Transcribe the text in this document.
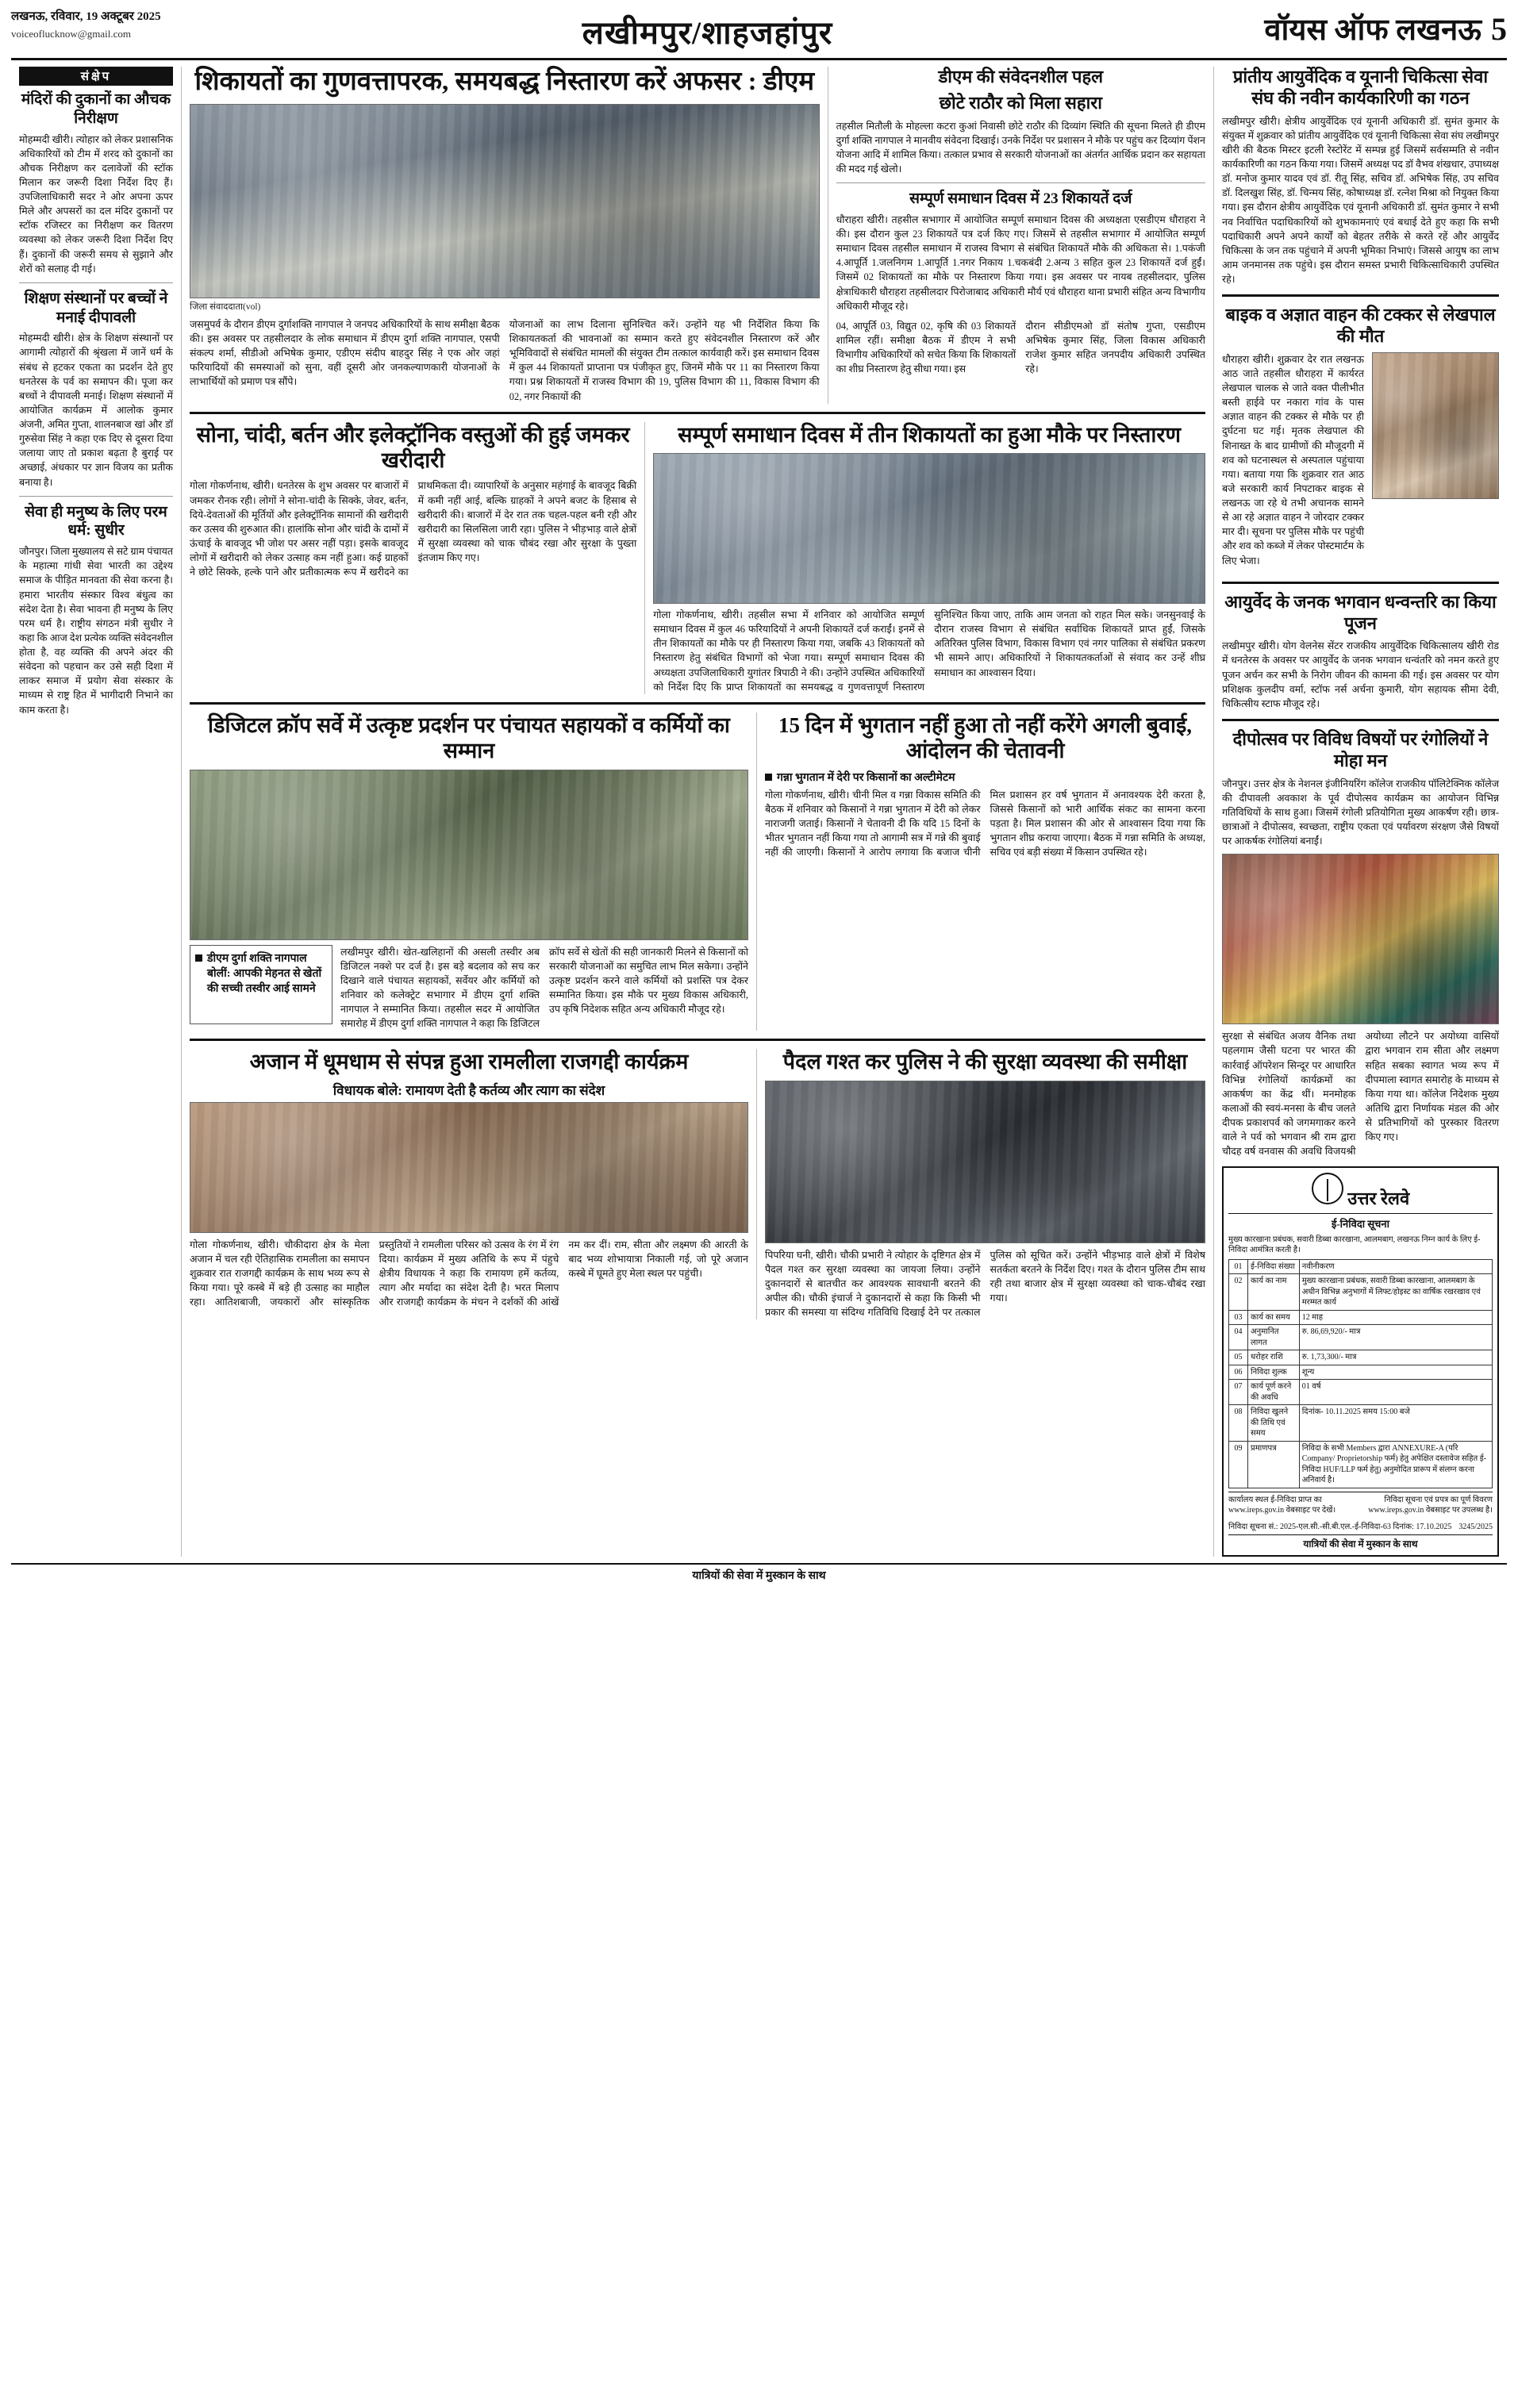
लखनऊ, रविवार, 19 अक्टूबर 2025
voiceoflucknow@gmail.com	लखीमपुर/शाहजहांपुर	वॉयस ऑफ लखनऊ 5
संक्षेप
मंदिरों की दुकानों का औचक निरीक्षण

मोहम्मदी खीरी। त्योहार को लेकर प्रशासनिक अधिकारियों को टीम में शरद को दुकानों का औचक निरीक्षण कर दलावेजों की स्टॉक मिलान कर जरूरी दिशा निर्देश दिए हैं। उपजिलाधिकारी सदर ने ओर अपना ऊपर मिले और अपसरों का दल मंदिर दुकानों पर स्टॉक रजिस्टर का निरीक्षण कर वितरण व्यवस्था को लेकर जरूरी दिशा निर्देश दिए हैं। दुकानों की जरूरी समय से सुझाने और शेरों को सलाह दी गई।

शिक्षण संस्थानों पर बच्चों ने मनाई दीपावली

मोहम्मदी खीरी। क्षेत्र के शिक्षण संस्थानों पर आगामी त्योहारों की श्रृंखला में जानें धर्म के संबंध से हटकर एकता का प्रदर्शन देते हुए धनतेरस के पर्व का समापन की। पूजा कर बच्चों ने दीपावली मनाई। शिक्षण संस्थानों में आयोजित कार्यक्रम में आलोक कुमार अंजनी, अमित गुप्ता, शालनबाज खां और डॉ गुरुसेवा सिंह ने कहा एक दिए से दूसरा दिया जलाया जाए तो प्रकाश बढ़ता है बुराई पर अच्छाई, अंधकार पर ज्ञान विजय का प्रतीक बनाया है।

सेवा ही मनुष्य के लिए परम धर्म: सुधीर

जौनपुर। जिला मुख्यालय से सटे ग्राम पंचायत के महात्मा गांधी सेवा भारती का उद्देश्य समाज के पीड़ित मानवता की सेवा करना है। हमारा भारतीय संस्कार विश्व बंधुत्व का संदेश देता है। सेवा भावना ही मनुष्य के लिए परम धर्म है। राष्ट्रीय संगठन मंत्री सुधीर ने कहा कि आज देश प्रत्येक व्यक्ति संवेदनशील होता है, वह व्यक्ति की अपने अंदर की संवेदना को पहचान कर उसे सही दिशा में लाकर समाज में प्रयोग सेवा संस्कार के माध्यम से राष्ट्र हित में भागीदारी निभाने का काम करता है।

शिकायतों का गुणवत्तापरक, समयबद्ध निस्तारण करें अफसर : डीएम
जिला संवाददाता(vol)

जसमुपर्व के दौरान डीएम दुर्गाशक्ति नागपाल ने जनपद अधिकारियों के साथ समीक्षा बैठक की। इस अवसर पर तहसीलदार के लोक समाधान में डीएम दुर्गा शक्ति नागपाल, एसपी संकल्प शर्मा, सीडीओ अभिषेक कुमार, एडीएम संदीप बाहदुर सिंह ने एक ओर जहां फरियादियों की समस्याओं को सुना, वहीं दूसरी ओर जनकल्याणकारी योजनाओं के लाभार्थियों को प्रमाण पत्र सौंपे।

योजनाओं का लाभ दिलाना सुनिश्चित करें। उन्होंने यह भी निर्देशित किया कि शिकायतकर्ता की भावनाओं का सम्मान करते हुए संवेदनशील निस्तारण करें और भूमिविवादों से संबंधित मामलों की संयुक्त टीम तत्काल कार्यवाही करें। इस समाधान दिवस में कुल 44 शिकायतों प्राप्ताना पत्र पंजीकृत हुए, जिनमें मौके पर 11 का निस्तारण किया गया। प्रश्न शिकायतों में राजस्व विभाग की 19, पुलिस विभाग की 11, विकास विभाग की 02, नगर निकायों की

डीएम की संवेदनशील पहल
छोटे राठौर को मिला सहारा

तहसील मितौली के मोहल्ला कटरा कुआं निवासी छोटे राठौर की दिव्यांग स्थिति की सूचना मिलते ही डीएम दुर्गा शक्ति नागपाल ने मानवीय संवेदना दिखाई। उनके निर्देश पर प्रशासन ने मौके पर पहुंच कर दिव्यांग पेंशन योजना आदि में शामिल किया। तत्काल प्रभाव से सरकारी योजनाओं का अंतर्गत आर्थिक प्रदान कर सहायता की मदद गई खेलो।

सम्पूर्ण समाधान दिवस में 23 शिकायतें दर्ज

धौराहरा खीरी। तहसील सभागार में आयोजित सम्पूर्ण समाधान दिवस की अध्यक्षता एसडीएम धौराहरा ने की। इस दौरान कुल 23 शिकायतें पत्र दर्ज किए गए। जिसमें से तहसील सभागार में आयोजित सम्पूर्ण समाधान दिवस तहसील समाधान में राजस्व विभाग से संबंधित शिकायतें मौके की अधिकता से। 1.पकंजी 4.आपूर्ति 1.जलनिगम 1.आपूर्ति 1.नगर निकाय 1.चकबंदी 2.अन्य 3 सहित कुल 23 शिकायतें दर्ज हुईं। जिसमें 02 शिकायतों का मौके पर निस्तारण किया गया। इस अवसर पर नायब तहसीलदार, पुलिस क्षेत्राधिकारी धौराहरा तहसीलदार पिरोजाबाद अधिकारी मौर्य एवं धौराहरा थाना प्रभारी संहित अन्य विभागीय अधिकारी मौजूद रहे।

04, आपूर्ति 03, विद्युत 02, कृषि की 03 शिकायतें शामिल रहीं। समीक्षा बैठक में डीएम ने सभी विभागीय अधिकारियों को सचेत किया कि शिकायतों का शीघ्र निस्तारण हेतु सीधा गया। इस

दौरान सीडीएमओ डॉ संतोष गुप्ता, एसडीएम अभिषेक कुमार सिंह, जिला विकास अधिकारी राजेश कुमार सहित जनपदीय अधिकारी उपस्थित रहे।

सोना, चांदी, बर्तन और इलेक्ट्रॉनिक वस्तुओं की हुई जमकर खरीदारी

गोला गोकर्णनाथ, खीरी। धनतेरस के शुभ अवसर पर बाजारों में जमकर रौनक रही। लोगों ने सोना-चांदी के सिक्के, जेवर, बर्तन, दिये-देवताओं की मूर्तियों और इलेक्ट्रॉनिक सामानों की खरीदारी कर उत्सव की शुरुआत की। हालांकि सोना और चांदी के दामों में ऊंचाई के बावजूद भी जोश पर असर नहीं पड़ा। इसके बावजूद लोगों में खरीदारी को लेकर उत्साह कम नहीं हुआ। कई ग्राहकों ने छोटे सिक्के, हल्के पाने और प्रतीकात्मक रूप में खरीदने का प्राथमिकता दी। व्यापारियों के अनुसार महंगाई के बावजूद बिक्री में कमी नहीं आई, बल्कि ग्राहकों ने अपने बजट के हिसाब से खरीदारी की। बाजारों में देर रात तक चहल-पहल बनी रही और खरीदारी का सिलसिला जारी रहा। पुलिस ने भीड़भाड़ वाले क्षेत्रों में सुरक्षा व्यवस्था को चाक चौबंद रखा और सुरक्षा के पुख्ता इंतजाम किए गए।

सम्पूर्ण समाधान दिवस में तीन शिकायतों का हुआ मौके पर निस्तारण

गोला गोकर्णनाथ, खीरी। तहसील सभा में शनिवार को आयोजित सम्पूर्ण समाधान दिवस में कुल 46 फरियादियों ने अपनी शिकायतें दर्ज कराईं। इनमें से तीन शिकायतों का मौके पर ही निस्तारण किया गया, जबकि 43 शिकायतों को निस्तारण हेतु संबंधित विभागों को भेजा गया। सम्पूर्ण समाधान दिवस की अध्यक्षता उपजिलाधिकारी युगांतर त्रिपाठी ने की। उन्होंने उपस्थित अधिकारियों को निर्देश दिए कि प्राप्त शिकायतों का समयबद्ध व गुणवत्तापूर्ण निस्तारण सुनिश्चित किया जाए, ताकि आम जनता को राहत मिल सके। जनसुनवाई के दौरान राजस्व विभाग से संबंधित सर्वाधिक शिकायतें प्राप्त हुईं, जिसके अतिरिक्त पुलिस विभाग, विकास विभाग एवं नगर पालिका से संबंधित प्रकरण भी सामने आए। अधिकारियों ने शिकायतकर्ताओं से संवाद कर उन्हें शीघ्र समाधान का आश्वासन दिया।

डिजिटल क्रॉप सर्वे में उत्कृष्ट प्रदर्शन पर पंचायत सहायकों व कर्मियों का सम्मान
डीएम दुर्गा शक्ति नागपाल बोलीं: आपकी मेहनत से खेतों की सच्ची तस्वीर आई सामने

लखीमपुर खीरी। खेत-खलिहानों की असली तस्वीर अब डिजिटल नक्शे पर दर्ज है। इस बड़े बदलाव को सच कर दिखाने वाले पंचायत सहायकों, सर्वेयर और कर्मियों को शनिवार को कलेक्ट्रेट सभागार में डीएम दुर्गा शक्ति नागपाल ने सम्मानित किया। तहसील सदर में आयोजित समारोह में डीएम दुर्गा शक्ति नागपाल ने कहा कि डिजिटल क्रॉप सर्वे से खेतों की सही जानकारी मिलने से किसानों को सरकारी योजनाओं का समुचित लाभ मिल सकेगा। उन्होंने उत्कृष्ट प्रदर्शन करने वाले कर्मियों को प्रशस्ति पत्र देकर सम्मानित किया। इस मौके पर मुख्य विकास अधिकारी, उप कृषि निदेशक सहित अन्य अधिकारी मौजूद रहे।

15 दिन में भुगतान नहीं हुआ तो नहीं करेंगे अगली बुवाई, आंदोलन की चेतावनी
गन्ना भुगतान में देरी पर किसानों का अल्टीमेटम

गोला गोकर्णनाथ, खीरी। चीनी मिल व गन्ना विकास समिति की बैठक में शनिवार को किसानों ने गन्ना भुगतान में देरी को लेकर नाराजगी जताई। किसानों ने चेतावनी दी कि यदि 15 दिनों के भीतर भुगतान नहीं किया गया तो आगामी सत्र में गन्ने की बुवाई नहीं की जाएगी। किसानों ने आरोप लगाया कि बजाज चीनी मिल प्रशासन हर वर्ष भुगतान में अनावश्यक देरी करता है, जिससे किसानों को भारी आर्थिक संकट का सामना करना पड़ता है। मिल प्रशासन की ओर से आश्वासन दिया गया कि भुगतान शीघ्र कराया जाएगा। बैठक में गन्ना समिति के अध्यक्ष, सचिव एवं बड़ी संख्या में किसान उपस्थित रहे।

अजान में धूमधाम से संपन्न हुआ रामलीला राजगद्दी कार्यक्रम
विधायक बोले: रामायण देती है कर्तव्य और त्याग का संदेश

गोला गोकर्णनाथ, खीरी। चौकीदारा क्षेत्र के मेला अजान में चल रही ऐतिहासिक रामलीला का समापन शुक्रवार रात राजगद्दी कार्यक्रम के साथ भव्य रूप से किया गया। पूरे कस्बे में बड़े ही उत्साह का माहौल रहा। आतिशबाजी, जयकारों और सांस्कृतिक प्रस्तुतियों ने रामलीला परिसर को उत्सव के रंग में रंग दिया। कार्यक्रम में मुख्य अतिथि के रूप में पंहुचे क्षेत्रीय विधायक ने कहा कि रामायण हमें कर्तव्य, त्याग और मर्यादा का संदेश देती है। भरत मिलाप और राजगद्दी कार्यक्रम के मंचन ने दर्शकों की आंखें नम कर दीं। राम, सीता और लक्ष्मण की आरती के बाद भव्य शोभायात्रा निकाली गई, जो पूरे अजान कस्बे में घूमते हुए मेला स्थल पर पहुंची।

पैदल गश्त कर पुलिस ने की सुरक्षा व्यवस्था की समीक्षा

पिपरिया घनी, खीरी। चौकी प्रभारी ने त्योहार के दृष्टिगत क्षेत्र में पैदल गश्त कर सुरक्षा व्यवस्था का जायजा लिया। उन्होंने दुकानदारों से बातचीत कर आवश्यक सावधानी बरतने की अपील की। चौकी इंचार्ज ने दुकानदारों से कहा कि किसी भी प्रकार की समस्या या संदिग्ध गतिविधि दिखाई देने पर तत्काल पुलिस को सूचित करें। उन्होंने भीड़भाड़ वाले क्षेत्रों में विशेष सतर्कता बरतने के निर्देश दिए। गश्त के दौरान पुलिस टीम साथ रही तथा बाजार क्षेत्र में सुरक्षा व्यवस्था को चाक-चौबंद रखा गया।

प्रांतीय आयुर्वेदिक व यूनानी चिकित्सा सेवा संघ की नवीन कार्यकारिणी का गठन

लखीमपुर खीरी। क्षेत्रीय आयुर्वेदिक एवं यूनानी अधिकारी डॉ. सुमंत कुमार के संयुक्त में शुक्रवार को प्रांतीय आयुर्वेदिक एवं यूनानी चिकित्सा सेवा संघ लखीमपुर खीरी की बैठक मिस्टर इटली रेस्टोरेंट में सम्पन्न हुई जिसमें सर्वसम्मति से नवीन कार्यकारिणी का गठन किया गया। जिसमें अध्यक्ष पद डॉ वैभव शंखधार, उपाध्यक्ष डॉ. मनोज कुमार यादव एवं डॉ. रीतू सिंह, सचिव डॉ. अभिषेक सिंह, उप सचिव डॉ. दिलखुश सिंह, डॉ. चिन्मय सिंह, कोषाध्यक्ष डॉ. रत्नेश मिश्रा को नियुक्त किया गया। इस दौरान क्षेत्रीय आयुर्वेदिक एवं यूनानी अधिकारी डॉ. सुमंत कुमार ने सभी नव निर्वाचित पदाधिकारियों को शुभकामनाएं एवं बधाई देते हुए कहा कि सभी पदाधिकारी अपने अपने कार्यों को बेहतर तरीके से करते रहें और आयुर्वेद चिकित्सा के जन तक पहुंचाने में अपनी भूमिका निभाएं। जिससे आयुष का लाभ आम जनमानस तक पहुंचे। इस दौरान समस्त प्रभारी चिकित्साधिकारी उपस्थित रहे।

बाइक व अज्ञात वाहन की टक्कर से लेखपाल की मौत

धौराहरा खीरी। शुक्रवार देर रात लखनऊ आठ जाते तहसील धौराहरा में कार्यरत लेखपाल चालक से जाते वक्त पीलीभीत बस्ती हाईवे पर नकारा गांव के पास अज्ञात वाहन की टक्कर से मौके पर ही दुर्घटना घट गई। मृतक लेखपाल की शिनाख्त के बाद ग्रामीणों की मौजूदगी में शव को घटनास्थल से अस्पताल पहुंचाया गया। बताया गया कि शुक्रवार रात आठ बजे सरकारी कार्य निपटाकर बाइक से लखनऊ जा रहे थे तभी अचानक सामने से आ रहे अज्ञात वाहन ने जोरदार टक्कर मार दी। सूचना पर पुलिस मौके पर पहुंची और शव को कब्जे में लेकर पोस्टमार्टम के लिए भेजा।

आयुर्वेद के जनक भगवान धन्वन्तरि का किया पूजन

लखीमपुर खीरी। योग वेलनेस सेंटर राजकीय आयुर्वेदिक चिकित्सालय खीरी रोड में धनतेरस के अवसर पर आयुर्वेद के जनक भगवान धन्वंतरि को नमन करते हुए पूजन अर्चन कर सभी के निरोग जीवन की कामना की गई। इस अवसर पर योग प्रशिक्षक कुलदीप वर्मा, स्टॉफ नर्स अर्चना कुमारी, योग सहायक सीमा देवी, चिकित्सीय स्टाफ मौजूद रहे।

दीपोत्सव पर विविध विषयों पर रंगोलियों ने मोहा मन

जौनपुर। उत्तर क्षेत्र के नेशनल इंजीनियरिंग कॉलेज राजकीय पॉलिटेक्निक कॉलेज की दीपावली अवकाश के पूर्व दीपोत्सव कार्यक्रम का आयोजन विभिन्न गतिविधियों के साथ हुआ। जिसमें रंगोली प्रतियोगिता मुख्य आकर्षण रही। छात्र-छात्राओं ने दीपोत्सव, स्वच्छता, राष्ट्रीय एकता एवं पर्यावरण संरक्षण जैसे विषयों पर आकर्षक रंगोलियां बनाईं।

सुरक्षा से संबंधित अजय वैनिक तथा पहलगाम जैसी घटना पर भारत की कार्रवाई ऑपरेशन सिन्दूर पर आधारित विभिन्न रंगोलियों कार्यक्रमों का आकर्षण का केंद्र थीं। मनमोहक कलाओं की स्वयं-मनसा के बीच जलते दीपक प्रकाशपर्व को जगमगाकर करने वाले ने पर्व को भगवान श्री राम द्वारा चौदह वर्ष वनवास की अवधि विजयश्री अयोध्या लौटने पर अयोध्या वासियों द्वारा भगवान राम सीता और लक्ष्मण सहित सबका स्वागत भव्य रूप में दीपमाला स्वागत समारोह के माध्यम से किया गया था। कॉलेज निदेशक मुख्य अतिथि द्वारा निर्णायक मंडल की ओर से प्रतिभागियों को पुरस्कार वितरण किए गए।

उत्तर रेलवे
ई-निविदा सूचना
मुख्य कारखाना प्रबंधक, सवारी डिब्बा कारखाना, आलमबाग, लखनऊ निम्न कार्य के लिए ई-निविदा आमंत्रित करती है।
01	ई-निविदा संख्या	नवीनीकरण
02	कार्य का नाम	मुख्य कारखाना प्रबंधक, सवारी डिब्बा कारखाना, आलमबाग के अधीन विभिन्न अनुभागों में लिफ्ट/होइस्ट का वार्षिक रखरखाव एवं मरम्मत कार्य
03	कार्य का समय	12 माह
04	अनुमानित लागत	रु. 86,69,920/- मात्र
05	धरोहर राशि	रु. 1,73,300/- मात्र
06	निविदा शुल्क	शून्य
07	कार्य पूर्ण करने की अवधि	01 वर्ष
08	निविदा खुलने की तिथि एवं समय	दिनांक- 10.11.2025 समय 15:00 बजे
09	प्रमाणपत्र	निविदा के सभी Members द्वारा ANNEXURE-A (परि Company/ Proprietorship फर्म) हेतु अपेक्षित दस्तावेज सहित ई-निविदा HUF/LLP फर्म हेतु) अनुमोदित प्रारूप में संलग्न करना अनिवार्य है।
कार्यालय स्थल ई-निविदा प्राप्त का www.ireps.gov.in वेबसाइट पर देखें।
निविदा सूचना एवं प्रपत्र का पूर्ण विवरण www.ireps.gov.in वेबसाइट पर उपलब्ध है।
निविदा सूचना सं.: 2025-एल.सी.-सी.बी.एल.-ई-निविदा-63 दिनांक: 17.10.2025 3245/2025
यात्रियों की सेवा में मुस्कान के साथ
यात्रियों की सेवा में मुस्कान के साथ
